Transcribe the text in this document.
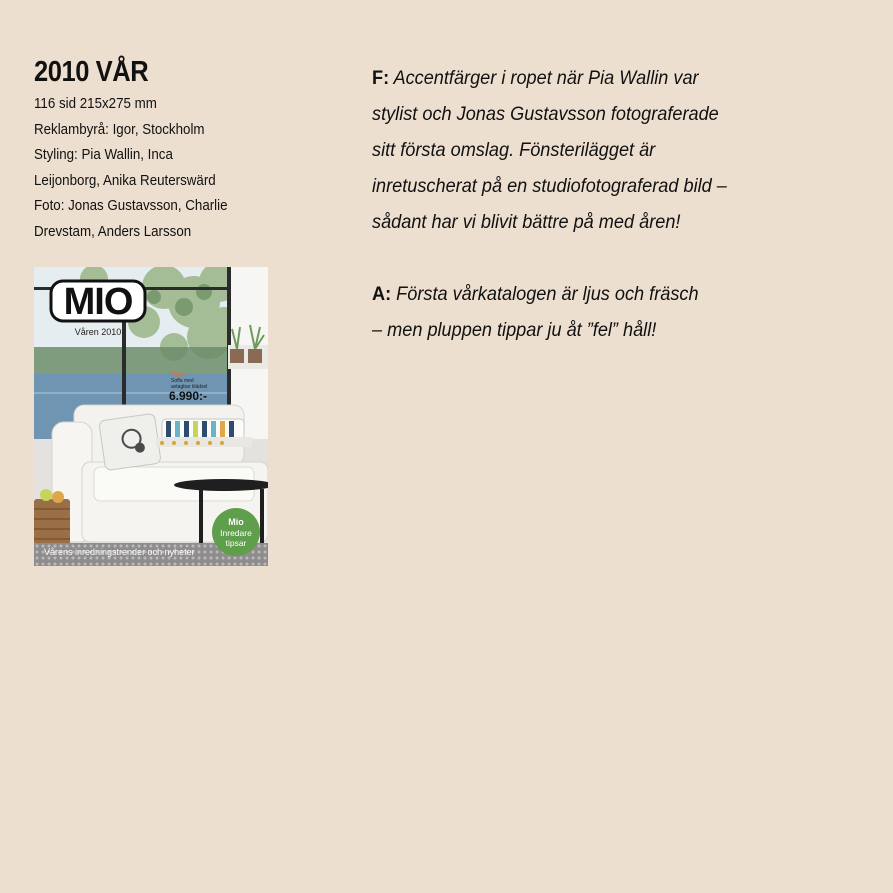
2010 VÅR
116 sid 215x275 mm
Reklambyrå: Igor, Stockholm
Styling: Pia Wallin, Inca
Leijonborg, Anika Reuterswärd
Foto: Jonas Gustavsson, Charlie
Drevstam, Anders Larsson
Mio
Inredare
tipsar
Vårens inredningstrender och nyheter
MIO
Våren 2010
Nyhet!
Soffa med
avtagbar klädsel
6.990:-
F: Accentfärger i ropet när Pia Wallin var
stylist och Jonas Gustavsson fotograferade
sitt första omslag. Fönsterilägget är
inretuscherat på en studiofotograferad bild –
sådant har vi blivit bättre på med åren!
A: Första vårkatalogen är ljus och fräsch
– men pluppen tippar ju åt ”fel” håll!
